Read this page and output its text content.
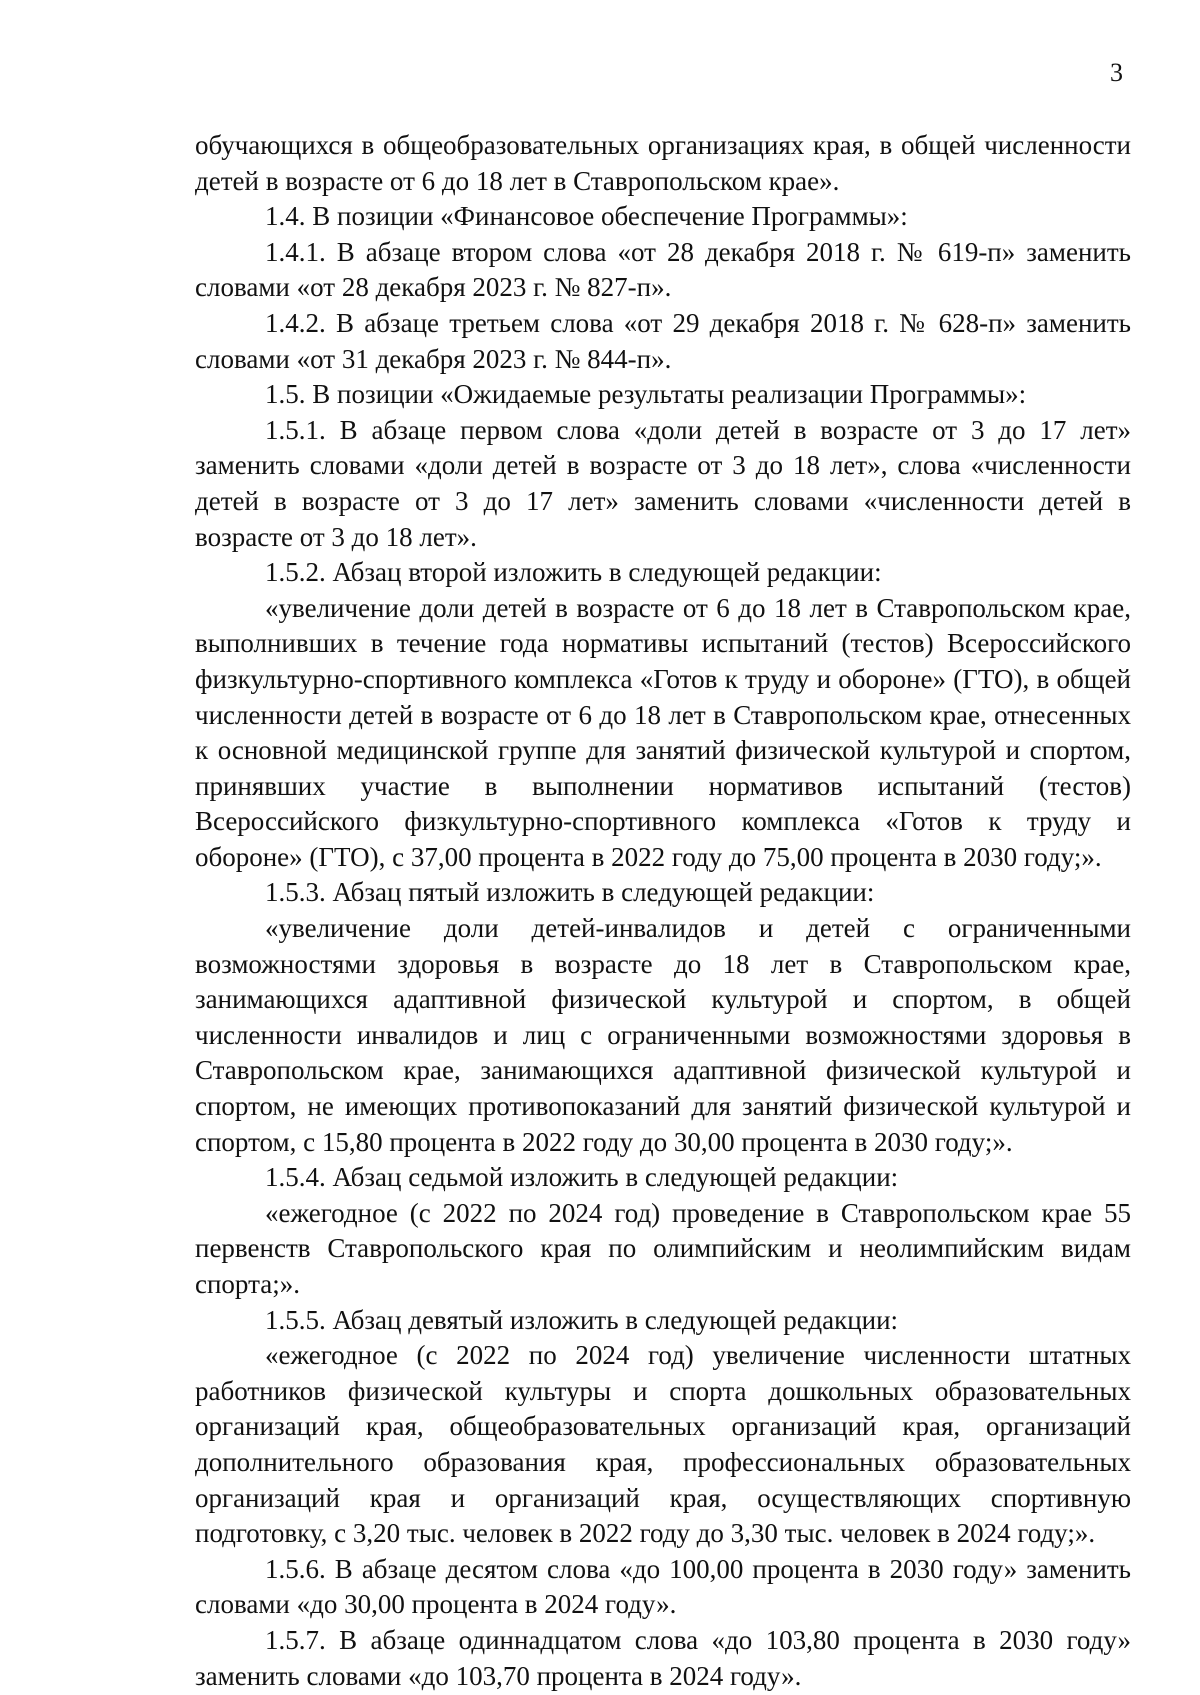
3

обучающихся в общеобразовательных организациях края, в общей численности детей в возрасте от 6 до 18 лет в Ставропольском крае».

1.4. В позиции «Финансовое обеспечение Программы»:

1.4.1. В абзаце втором слова «от 28 декабря 2018 г. № 619-п» заменить словами «от 28 декабря 2023 г. № 827-п».

1.4.2. В абзаце третьем слова «от 29 декабря 2018 г. № 628-п» заменить словами «от 31 декабря 2023 г. № 844-п».

1.5. В позиции «Ожидаемые результаты реализации Программы»:

1.5.1. В абзаце первом слова «доли детей в возрасте от 3 до 17 лет» заменить словами «доли детей в возрасте от 3 до 18 лет», слова «численности детей в возрасте от 3 до 17 лет» заменить словами «численности детей в возрасте от 3 до 18 лет».

1.5.2. Абзац второй изложить в следующей редакции:

«увеличение доли детей в возрасте от 6 до 18 лет в Ставропольском крае, выполнивших в течение года нормативы испытаний (тестов) Всероссийского физкультурно-спортивного комплекса «Готов к труду и обороне» (ГТО), в общей численности детей в возрасте от 6 до 18 лет в Ставропольском крае, отнесенных к основной медицинской группе для занятий физической культурой и спортом, принявших участие в выполнении нормативов испытаний (тестов) Всероссийского физкультурно-спортивного комплекса «Готов к труду и обороне» (ГТО), с 37,00 процента в 2022 году до 75,00 процента в 2030 году;».

1.5.3. Абзац пятый изложить в следующей редакции:

«увеличение доли детей-инвалидов и детей с ограниченными возможностями здоровья в возрасте до 18 лет в Ставропольском крае, занимающихся адаптивной физической культурой и спортом, в общей численности инвалидов и лиц с ограниченными возможностями здоровья в Ставропольском крае, занимающихся адаптивной физической культурой и спортом, не имеющих противопоказаний для занятий физической культурой и спортом, с 15,80 процента в 2022 году до 30,00 процента в 2030 году;».

1.5.4. Абзац седьмой изложить в следующей редакции:

«ежегодное (с 2022 по 2024 год) проведение в Ставропольском крае 55 первенств Ставропольского края по олимпийским и неолимпийским видам спорта;».

1.5.5. Абзац девятый изложить в следующей редакции:

«ежегодное (с 2022 по 2024 год) увеличение численности штатных работников физической культуры и спорта дошкольных образовательных организаций края, общеобразовательных организаций края, организаций дополнительного образования края, профессиональных образовательных организаций края и организаций края, осуществляющих спортивную подготовку, с 3,20 тыс. человек в 2022 году до 3,30 тыс. человек в 2024 году;».

1.5.6. В абзаце десятом слова «до 100,00 процента в 2030 году» заменить словами «до 30,00 процента в 2024 году».

1.5.7. В абзаце одиннадцатом слова «до 103,80 процента в 2030 году» заменить словами «до 103,70 процента в 2024 году».
